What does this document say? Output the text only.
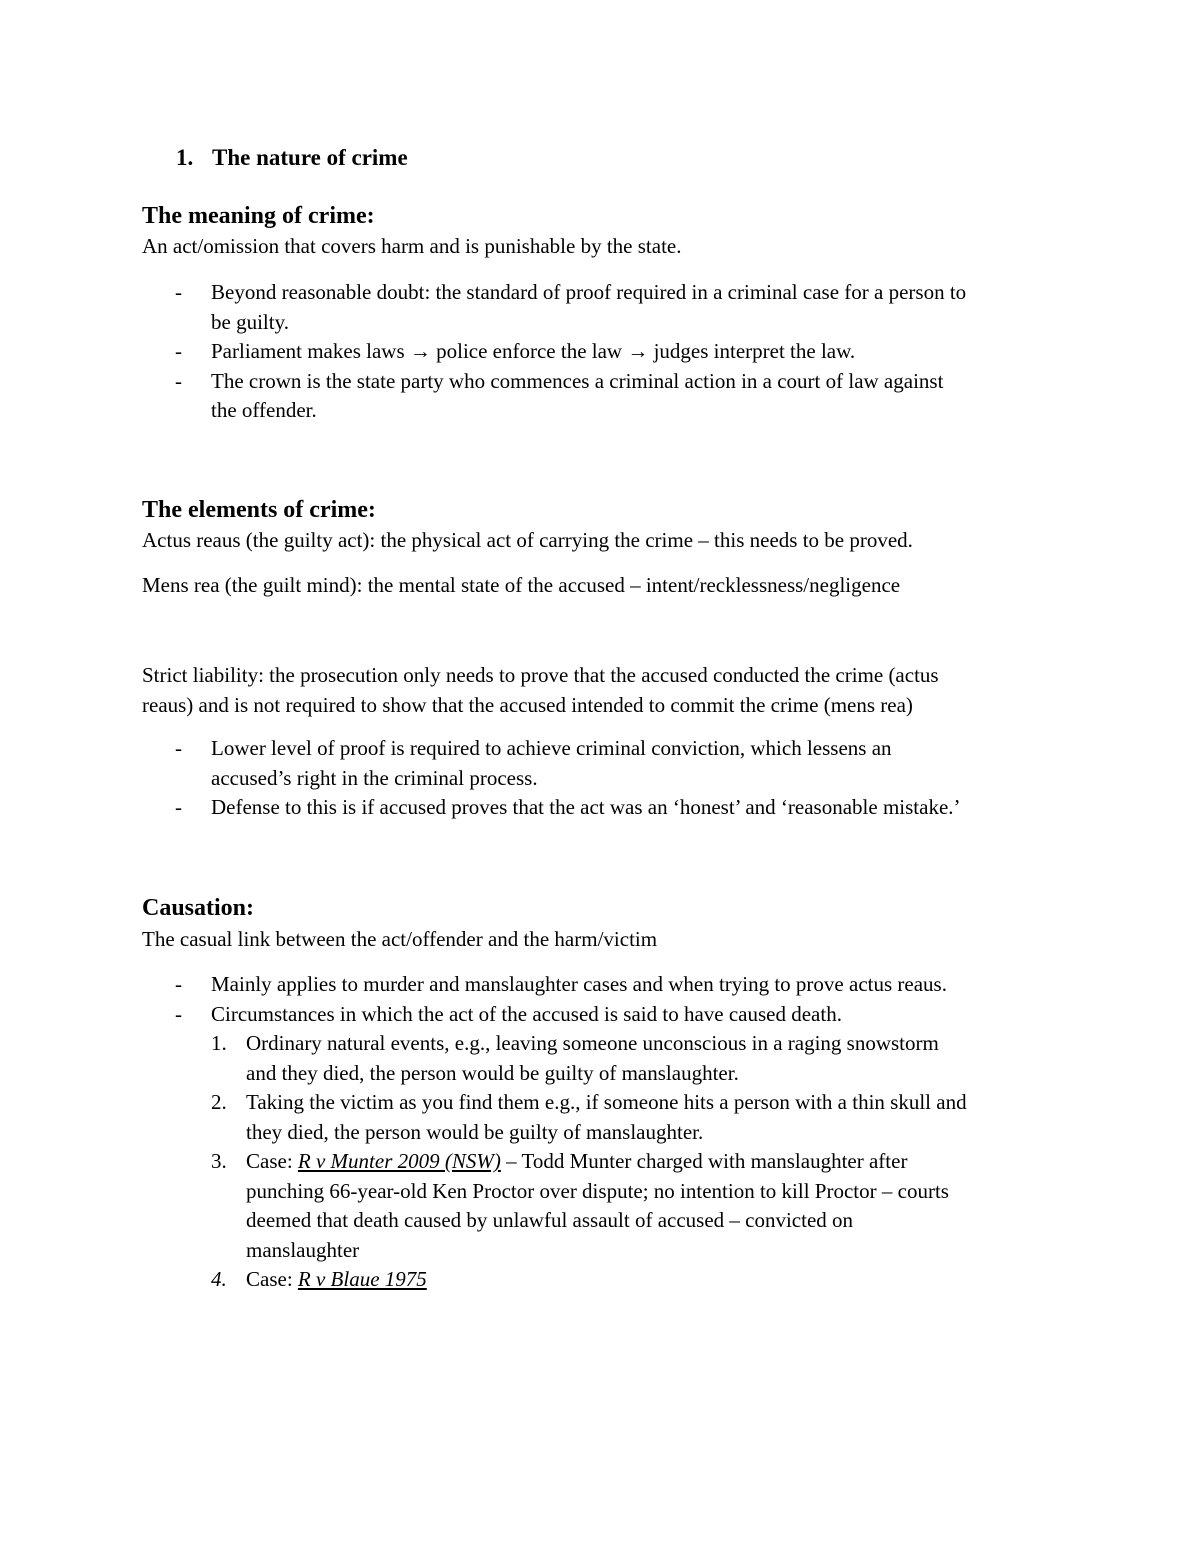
1. The nature of crime
The meaning of crime:
An act/omission that covers harm and is punishable by the state.
- Beyond reasonable doubt: the standard of proof required in a criminal case for a person to
be guilty.
- Parliament makes laws → police enforce the law → judges interpret the law.
- The crown is the state party who commences a criminal action in a court of law against
the offender.
The elements of crime:
Actus reaus (the guilty act): the physical act of carrying the crime – this needs to be proved.
Mens rea (the guilt mind): the mental state of the accused – intent/recklessness/negligence
Strict liability: the prosecution only needs to prove that the accused conducted the crime (actus
reaus) and is not required to show that the accused intended to commit the crime (mens rea)
- Lower level of proof is required to achieve criminal conviction, which lessens an
accused’s right in the criminal process.
- Defense to this is if accused proves that the act was an ‘honest’ and ‘reasonable mistake.’
Causation:
The casual link between the act/offender and the harm/victim
- Mainly applies to murder and manslaughter cases and when trying to prove actus reaus.
- Circumstances in which the act of the accused is said to have caused death.
1. Ordinary natural events, e.g., leaving someone unconscious in a raging snowstorm
and they died, the person would be guilty of manslaughter.
2. Taking the victim as you find them e.g., if someone hits a person with a thin skull and
they died, the person would be guilty of manslaughter.
3. Case: R v Munter 2009 (NSW) – Todd Munter charged with manslaughter after
punching 66-year-old Ken Proctor over dispute; no intention to kill Proctor – courts
deemed that death caused by unlawful assault of accused – convicted on
manslaughter
4. Case: R v Blaue 1975
